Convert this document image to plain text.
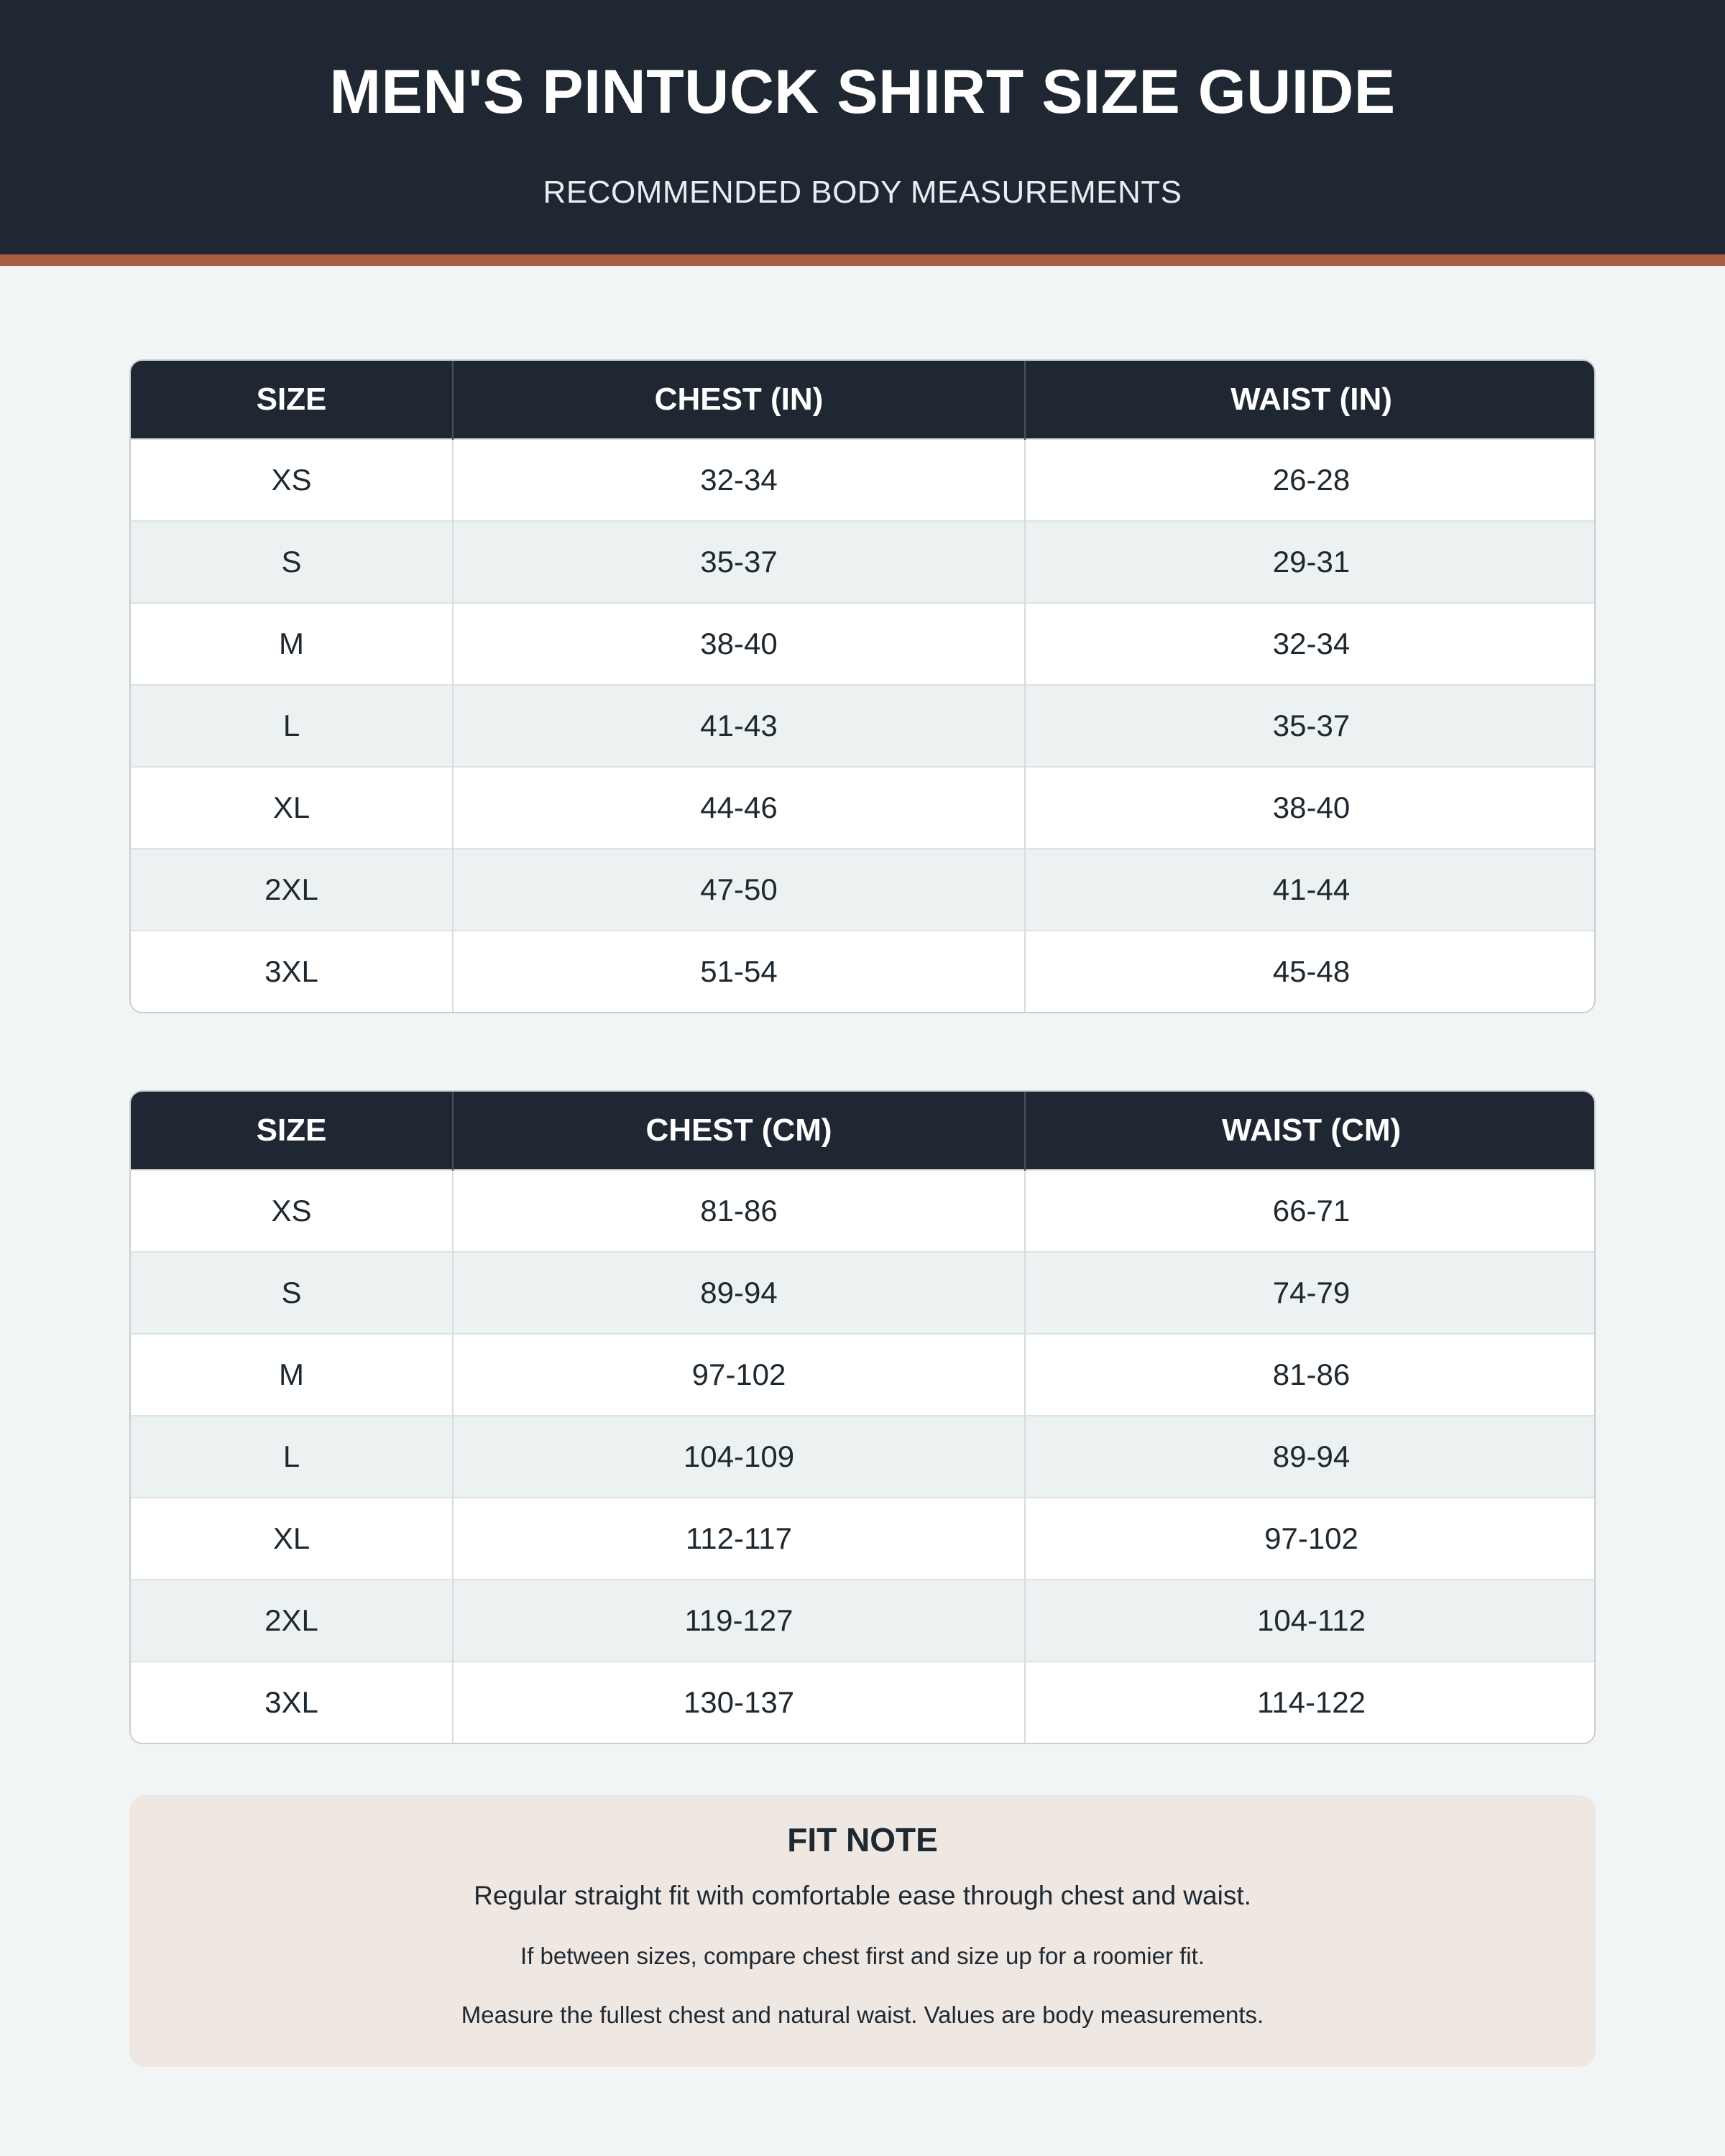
MEN'S PINTUCK SHIRT SIZE GUIDE
RECOMMENDED BODY MEASUREMENTS
SIZE	CHEST (IN)	WAIST (IN)
XS	32-34	26-28
S	35-37	29-31
M	38-40	32-34
L	41-43	35-37
XL	44-46	38-40
2XL	47-50	41-44
3XL	51-54	45-48
SIZE	CHEST (CM)	WAIST (CM)
XS	81-86	66-71
S	89-94	74-79
M	97-102	81-86
L	104-109	89-94
XL	112-117	97-102
2XL	119-127	104-112
3XL	130-137	114-122
FIT NOTE
Regular straight fit with comfortable ease through chest and waist.
If between sizes, compare chest first and size up for a roomier fit.
Measure the fullest chest and natural waist. Values are body measurements.
